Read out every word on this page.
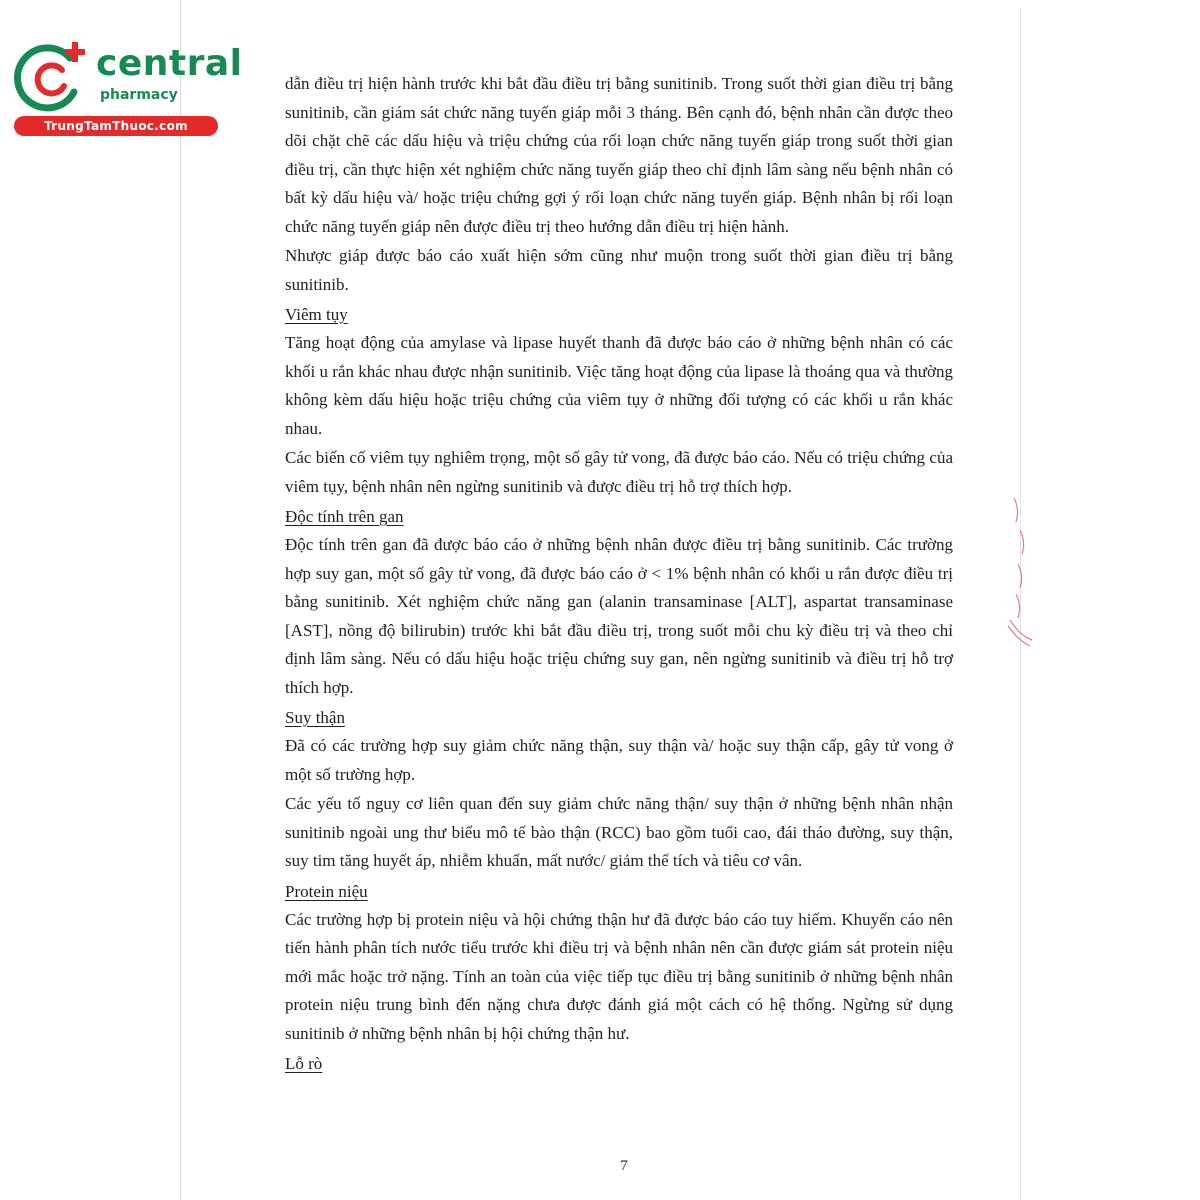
central
pharmacy
TrungTamThuoc.com

dẫn điều trị hiện hành trước khi bắt đầu điều trị bằng sunitinib. Trong suốt thời gian điều trị bằng sunitinib, cần giám sát chức năng tuyến giáp mỗi 3 tháng. Bên cạnh đó, bệnh nhân cần được theo dõi chặt chẽ các dấu hiệu và triệu chứng của rối loạn chức năng tuyến giáp trong suốt thời gian điều trị, cần thực hiện xét nghiệm chức năng tuyến giáp theo chỉ định lâm sàng nếu bệnh nhân có bất kỳ dấu hiệu và/ hoặc triệu chứng gợi ý rối loạn chức năng tuyến giáp. Bệnh nhân bị rối loạn chức năng tuyến giáp nên được điều trị theo hướng dẫn điều trị hiện hành.

Nhược giáp được báo cáo xuất hiện sớm cũng như muộn trong suốt thời gian điều trị bằng sunitinib.

Viêm tụy

Tăng hoạt động của amylase và lipase huyết thanh đã được báo cáo ở những bệnh nhân có các khối u rắn khác nhau được nhận sunitinib. Việc tăng hoạt động của lipase là thoáng qua và thường không kèm dấu hiệu hoặc triệu chứng của viêm tụy ở những đối tượng có các khối u rắn khác nhau.

Các biến cố viêm tụy nghiêm trọng, một số gây tử vong, đã được báo cáo. Nếu có triệu chứng của viêm tụy, bệnh nhân nên ngừng sunitinib và được điều trị hỗ trợ thích hợp.

Độc tính trên gan

Độc tính trên gan đã được báo cáo ở những bệnh nhân được điều trị bằng sunitinib. Các trường hợp suy gan, một số gây tử vong, đã được báo cáo ở < 1% bệnh nhân có khối u rắn được điều trị bằng sunitinib. Xét nghiệm chức năng gan (alanin transaminase [ALT], aspartat transaminase [AST], nồng độ bilirubin) trước khi bắt đầu điều trị, trong suốt mỗi chu kỳ điều trị và theo chỉ định lâm sàng. Nếu có dấu hiệu hoặc triệu chứng suy gan, nên ngừng sunitinib và điều trị hỗ trợ thích hợp.

Suy thận

Đã có các trường hợp suy giảm chức năng thận, suy thận và/ hoặc suy thận cấp, gây tử vong ở một số trường hợp.

Các yếu tố nguy cơ liên quan đến suy giảm chức năng thận/ suy thận ở những bệnh nhân nhận sunitinib ngoài ung thư biểu mô tế bào thận (RCC) bao gồm tuổi cao, đái tháo đường, suy thận, suy tim tăng huyết áp, nhiễm khuẩn, mất nước/ giảm thể tích và tiêu cơ vân.

Protein niệu

Các trường hợp bị protein niệu và hội chứng thận hư đã được báo cáo tuy hiếm. Khuyến cáo nên tiến hành phân tích nước tiểu trước khi điều trị và bệnh nhân nên cần được giám sát protein niệu mới mắc hoặc trở nặng. Tính an toàn của việc tiếp tục điều trị bằng sunitinib ở những bệnh nhân protein niệu trung bình đến nặng chưa được đánh giá một cách có hệ thống. Ngừng sử dụng sunitinib ở những bệnh nhân bị hội chứng thận hư.

Lỗ rò
7
